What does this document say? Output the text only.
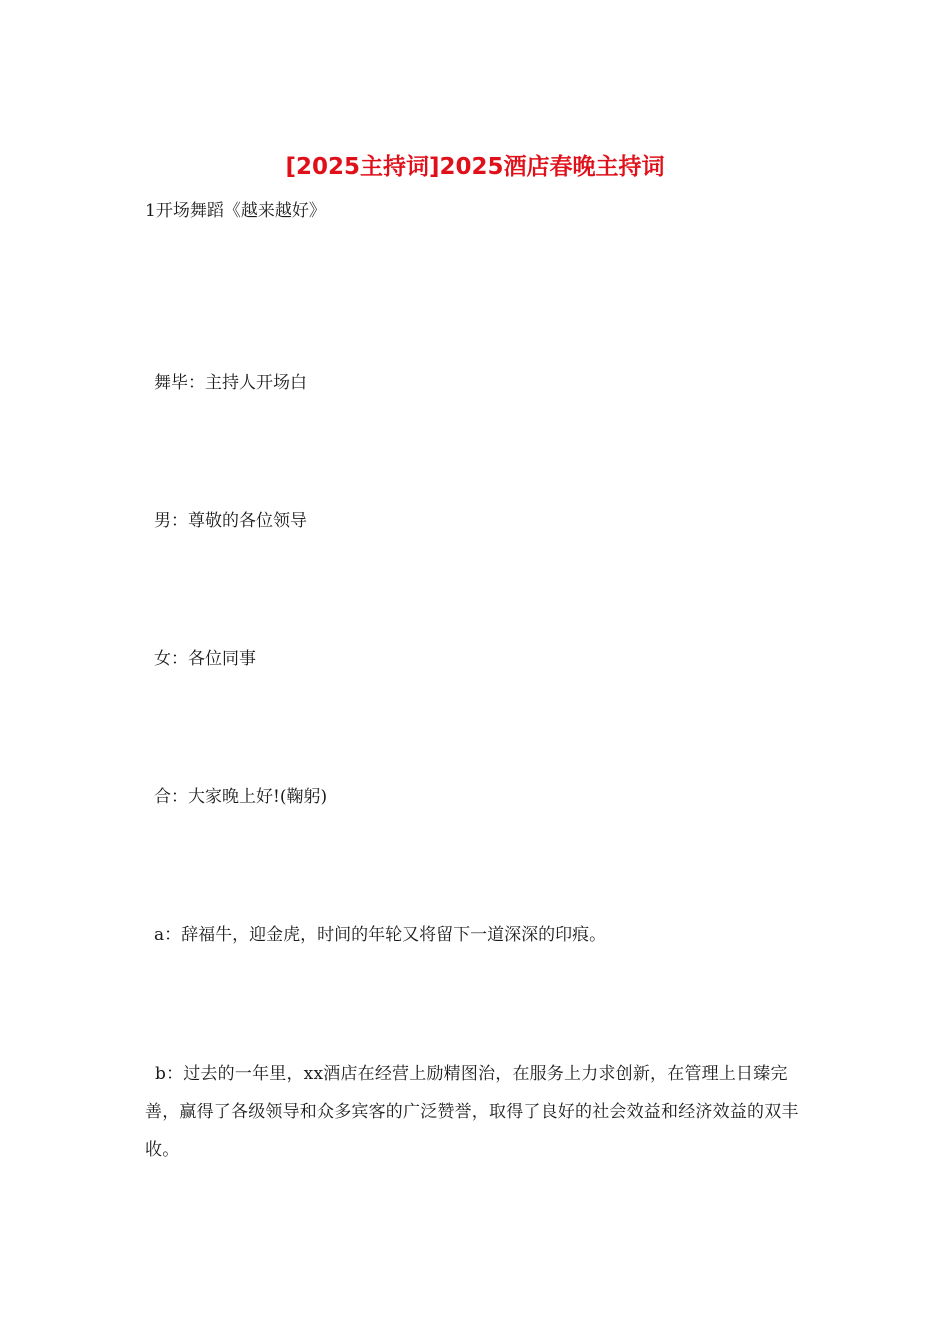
[2025主持词]2025酒店春晚主持词

1开场舞蹈《越来越好》

舞毕：主持人开场白

男：尊敬的各位领导

女：各位同事

合：大家晚上好!(鞠躬)

a：辞福牛，迎金虎，时间的年轮又将留下一道深深的印痕。

b：过去的一年里，xx酒店在经营上励精图治，在服务上力求创新，在管理上日臻完善，赢得了各级领导和众多宾客的广泛赞誉，取得了良好的社会效益和经济效益的双丰收。
